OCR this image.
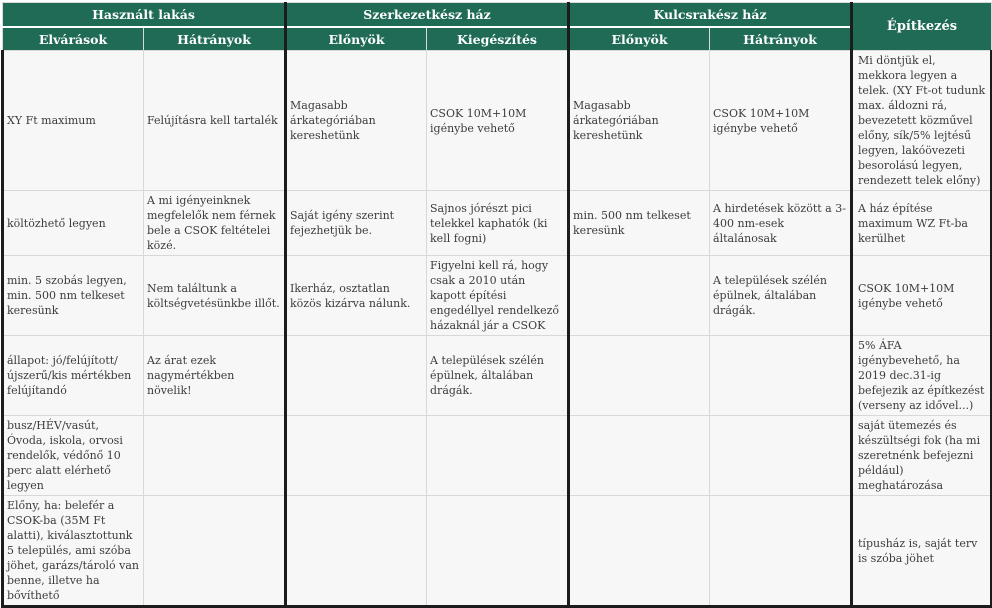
Használt lakás		Szerkezetkész ház		Kulcsrakész ház		Építkezés
Elvárások	Hátrányok	Előnyök	Kiegészítés	Előnyök	Hátrányok	
XY Ft maximum	Felújításra kell tartalék	Magasabb árkategóriában kereshetünk	CSOK 10M+10M igénybe vehető	Magasabb árkategóriában kereshetünk	CSOK 10M+10M igénybe vehető	Mi döntjük el, mekkora legyen a telek. (XY Ft-ot tudunk max. áldozni rá, bevezetett közművel előny, sík/5% lejtésű legyen, lakóövezeti besorolású legyen, rendezett telek előny)
költözhető legyen	A mi igényeinknek megfelelők nem férnek bele a CSOK feltételei közé.	Saját igény szerint fejezhetjük be.	Sajnos jórészt pici telekkel kaphatók (ki kell fogni)	min. 500 nm telkeset keresünk	A hirdetések között a 3-400 nm-esek általánosak	A ház építése maximum WZ Ft-ba kerülhet
min. 5 szobás legyen, min. 500 nm telkeset keresünk	Nem találtunk a költségvetésünkbe illőt.	Ikerház, osztatlan közös kizárva nálunk.	Figyelni kell rá, hogy csak a 2010 után kapott építési engedéllyel rendelkező házaknál jár a CSOK		A települések szélén épülnek, általában drágák.	CSOK 10M+10M igénybe vehető
állapot: jó/felújított/újszerű/kis mértékben felújítandó	Az árat ezek nagymértékben növelik!		A települések szélén épülnek, általában drágák.			5% ÁFA igénybevehető, ha 2019 dec.31-ig befejezik az építkezést (verseny az idővel...)
busz/HÉV/vasút, Óvoda, iskola, orvosi rendelők, védőnő 10 perc alatt elérhető legyen						saját ütemezés és készültségi fok (ha mi szeretnénk befejezni például) meghatározása
Előny, ha: belefér a CSOK-ba (35M Ft alatti), kiválasztottunk 5 település, ami szóba jöhet, garázs/tároló van benne, illetve ha bővíthető						típusház is, saját terv is szóba jöhet
